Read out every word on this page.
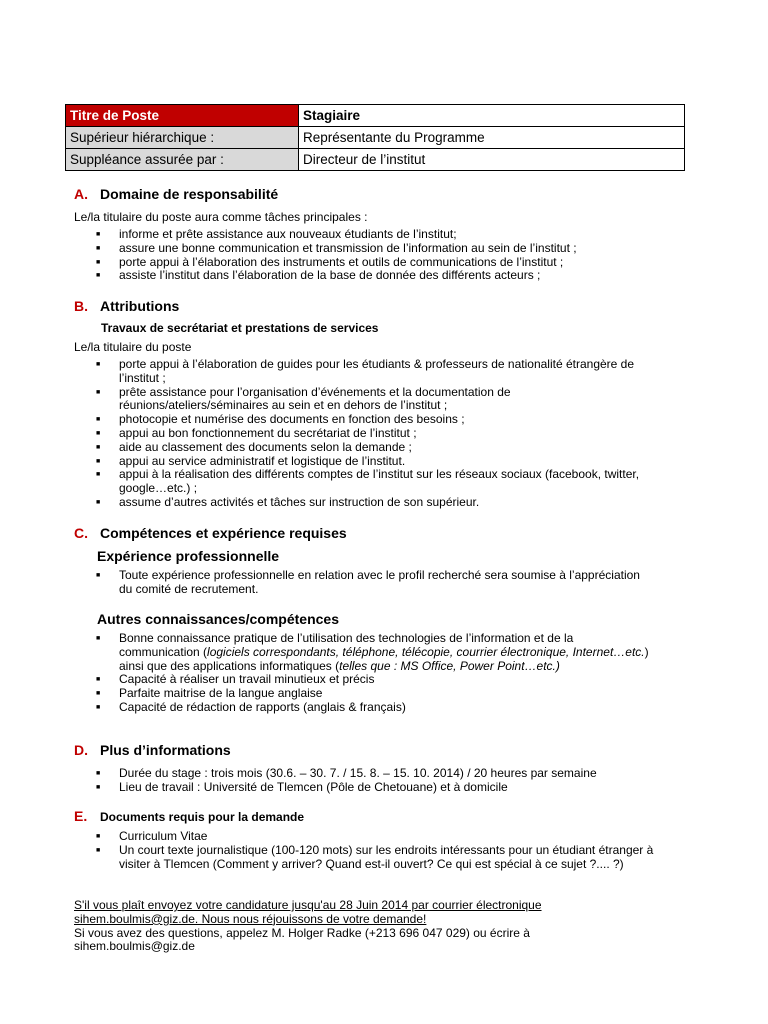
Titre de Poste	Stagiaire
Supérieur hiérarchique :	Représentante du Programme
Suppléance assurée par :	Directeur de l’institut
A. Domaine de responsabilité
Le/la titulaire du poste aura comme tâches principales :
■ informe et prête assistance aux nouveaux étudiants de l’institut;
■ assure une bonne communication et transmission de l’information au sein de l’institut ;
■ porte appui à l’élaboration des instruments et outils de communications de l’institut ;
■ assiste l’institut dans l’élaboration de la base de donnée des différents acteurs ;
B. Attributions
Travaux de secrétariat et prestations de services
Le/la titulaire du poste
■ porte appui à l’élaboration de guides pour les étudiants & professeurs de nationalité étrangère de l’institut ;
■ prête assistance pour l’organisation d’événements et la documentation de réunions/ateliers/séminaires au sein et en dehors de l’institut ;
■ photocopie et numérise des documents en fonction des besoins ;
■ appui au bon fonctionnement du secrétariat de l’institut ;
■ aide au classement des documents selon la demande ;
■ appui au service administratif et logistique de l’institut.
■ appui à la réalisation des différents comptes de l’institut sur les réseaux sociaux (facebook, twitter, google…etc.) ;
■ assume d’autres activités et tâches sur instruction de son supérieur.
C. Compétences et expérience requises
Expérience professionnelle
■ Toute expérience professionnelle en relation avec le profil recherché sera soumise à l’appréciation du comité de recrutement.
Autres connaissances/compétences
■ Bonne connaissance pratique de l’utilisation des technologies de l’information et de la communication (logiciels correspondants, téléphone, télécopie, courrier électronique, Internet…etc.) ainsi que des applications informatiques (telles que : MS Office, Power Point…etc.)
■ Capacité à réaliser un travail minutieux et précis
■ Parfaite maitrise de la langue anglaise
■ Capacité de rédaction de rapports (anglais & français)
D. Plus d’informations
■ Durée du stage : trois mois (30.6. – 30. 7. / 15. 8. – 15. 10. 2014) / 20 heures par semaine
■ Lieu de travail : Université de Tlemcen (Pôle de Chetouane) et à domicile
E. Documents requis pour la demande
■ Curriculum Vitae
■ Un court texte journalistique (100-120 mots) sur les endroits intéressants pour un étudiant étranger à visiter à Tlemcen (Comment y arriver? Quand est-il ouvert? Ce qui est spécial à ce sujet ?.... ?)
S'il vous plaît envoyez votre candidature jusqu'au 28 Juin 2014 par courrier électronique
sihem.boulmis@giz.de. Nous nous réjouissons de votre demande!
Si vous avez des questions, appelez M. Holger Radke (+213 696 047 029) ou écrire à
sihem.boulmis@giz.de
